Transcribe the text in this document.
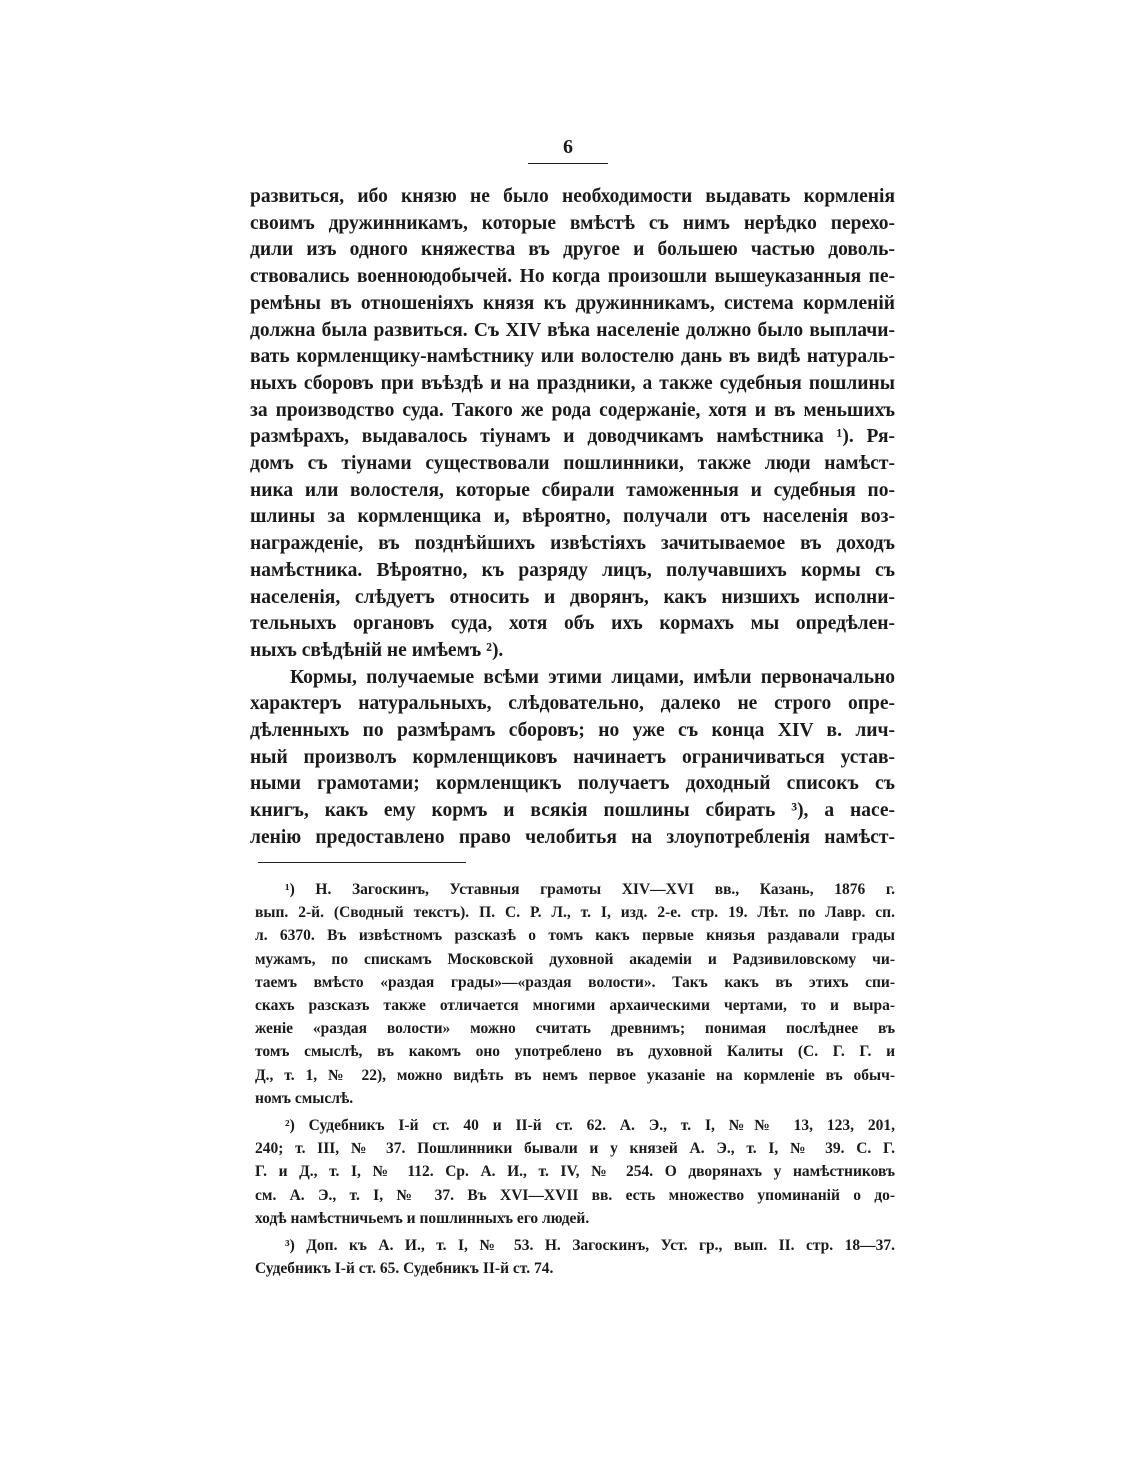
6
развиться, ибо князю не было необходимости выдавать кормленія
своимъ дружинникамъ, которые вмѣстѣ съ нимъ нерѣдко перехо-
дили изъ одного княжества въ другое и большею частью доволь-
ствовались военноюдобычей. Но когда произошли вышеуказанныя пе-
ремѣны въ отношеніяхъ князя къ дружинникамъ, система кормленій
должна была развиться. Съ XIV вѣка населеніе должно было выплачи-
вать кормленщику-намѣстнику или волостелю дань въ видѣ натураль-
ныхъ сборовъ при въѣздѣ и на праздники, а также судебныя пошлины
за производство суда. Такого же рода содержаніе, хотя и въ меньшихъ
размѣрахъ, выдавалось тіунамъ и доводчикамъ намѣстника ¹). Ря-
домъ съ тіунами существовали пошлинники, также люди намѣст-
ника или волостеля, которые сбирали таможенныя и судебныя по-
шлины за кормленщика и, вѣроятно, получали отъ населенія воз-
награжденіе, въ позднѣйшихъ извѣстіяхъ зачитываемое въ доходъ
намѣстника. Вѣроятно, къ разряду лицъ, получавшихъ кормы съ
населенія, слѣдуетъ относить и дворянъ, какъ низшихъ исполни-
тельныхъ органовъ суда, хотя объ ихъ кормахъ мы опредѣлен-
ныхъ свѣдѣній не имѣемъ ²).
Кормы, получаемые всѣми этими лицами, имѣли первоначально
характеръ натуральныхъ, слѣдовательно, далеко не строго опре-
дѣленныхъ по размѣрамъ сборовъ; но уже съ конца XIV в. лич-
ный произволъ кормленщиковъ начинаетъ ограничиваться устав-
ными грамотами; кормленщикъ получаетъ доходный списокъ съ
книгъ, какъ ему кормъ и всякія пошлины сбирать ³), а насе-
ленію предоставлено право челобитья на злоупотребленія намѣст-
¹) Н. Загоскинъ, Уставныя грамоты XIV—XVI вв., Казань, 1876 г.
вып. 2-й. (Сводный текстъ). П. С. Р. Л., т. I, изд. 2-е. стр. 19. Лѣт. по Лавр. сп.
л. 6370. Въ извѣстномъ разсказѣ о томъ какъ первые князья раздавали грады
мужамъ, по спискамъ Московской духовной академіи и Радзивиловскому чи-
таемъ вмѣсто «раздая грады»—«раздая волости». Такъ какъ въ этихъ спи-
скахъ разсказъ также отличается многими архаическими чертами, то и выра-
женіе «раздая волости» можно считать древнимъ; понимая послѣднее въ
томъ смыслѣ, въ какомъ оно употреблено въ духовной Калиты (С. Г. Г. и
Д., т. 1, № 22), можно видѣть въ немъ первое указаніе на кормленіе въ обыч-
номъ смыслѣ.
²) Судебникъ І-й ст. 40 и ІІ-й ст. 62. А. Э., т. I, №№ 13, 123, 201,
240; т. III, № 37. Пошлинники бывали и у князей А. Э., т. I, № 39. С. Г.
Г. и Д., т. I, № 112. Ср. А. И., т. IV, № 254. О дворянахъ у намѣстниковъ
см. А. Э., т. I, № 37. Въ XVI—XVII вв. есть множество упоминаній о до-
ходѣ намѣстничьемъ и пошлинныхъ его людей.
³) Доп. къ А. И., т. I, № 53. Н. Загоскинъ, Уст. гр., вып. II. стр. 18—37.
Судебникъ І-й ст. 65. Судебникъ ІІ-й ст. 74.
